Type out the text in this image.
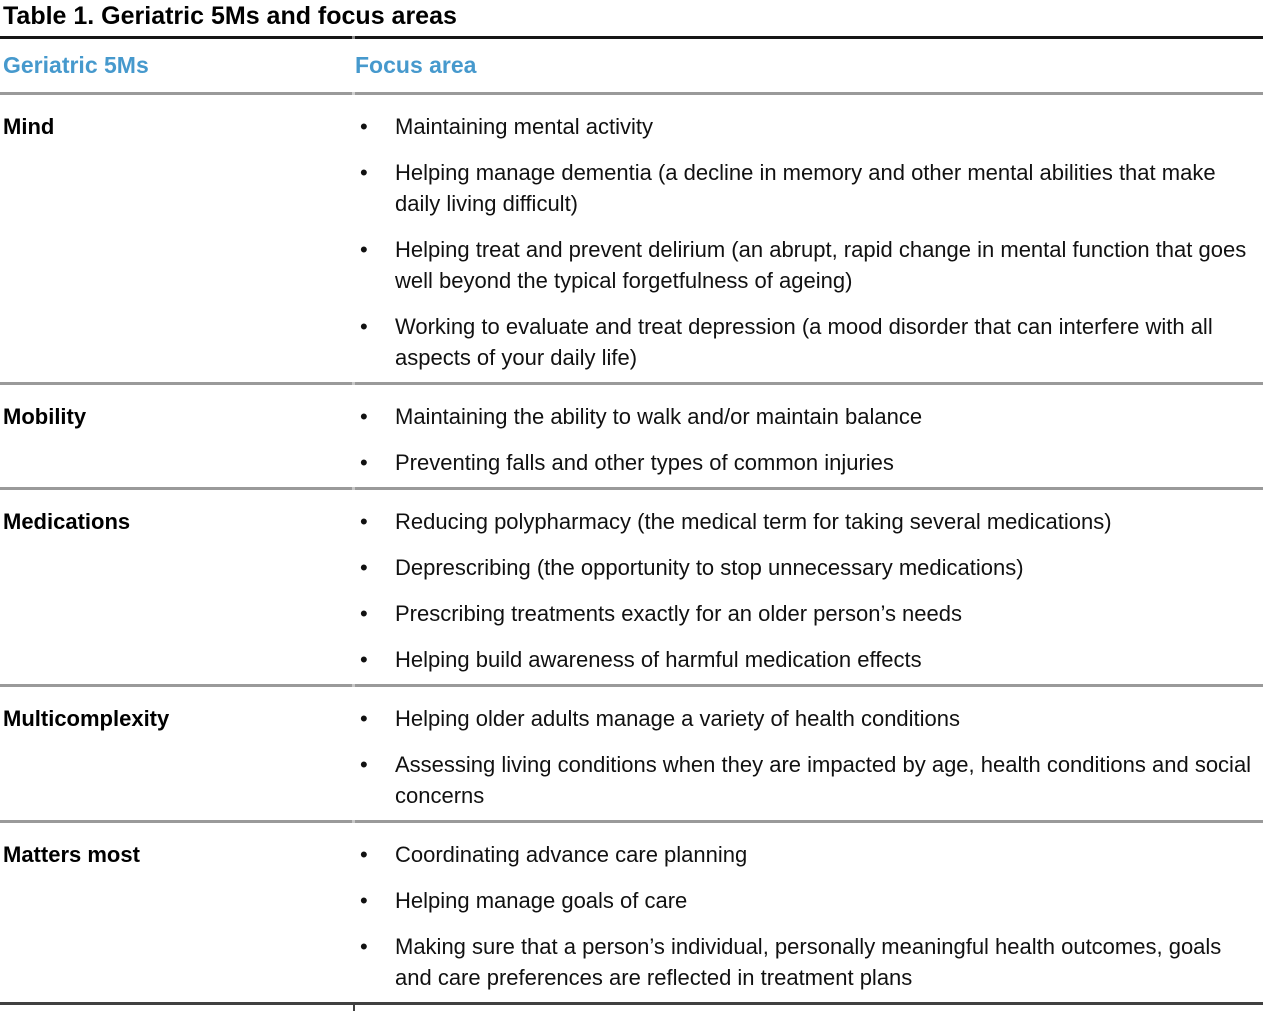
Table 1. Geriatric 5Ms and focus areas
Geriatric 5Ms	Focus area
Mind	• Maintaining mental activity
• Helping manage dementia (a decline in memory and other mental abilities that make daily living difficult)
• Helping treat and prevent delirium (an abrupt, rapid change in mental function that goes well beyond the typical forgetfulness of ageing)
• Working to evaluate and treat depression (a mood disorder that can interfere with all aspects of your daily life)
Mobility	• Maintaining the ability to walk and/or maintain balance
• Preventing falls and other types of common injuries
Medications	• Reducing polypharmacy (the medical term for taking several medications)
• Deprescribing (the opportunity to stop unnecessary medications)
• Prescribing treatments exactly for an older person’s needs
• Helping build awareness of harmful medication effects
Multicomplexity	• Helping older adults manage a variety of health conditions
• Assessing living conditions when they are impacted by age, health conditions and social concerns
Matters most	• Coordinating advance care planning
• Helping manage goals of care
• Making sure that a person’s individual, personally meaningful health outcomes, goals and care preferences are reflected in treatment plans
